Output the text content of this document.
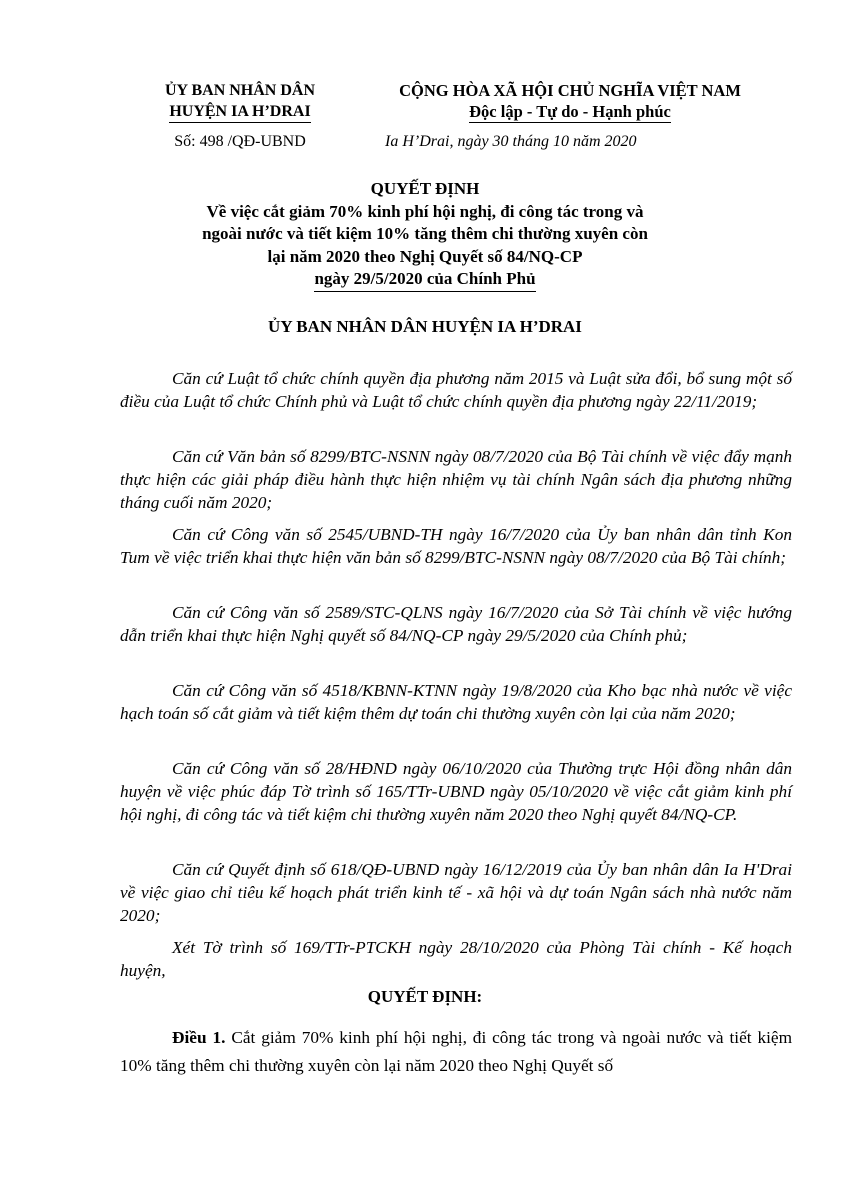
ỦY BAN NHÂN DÂN
HUYỆN IA H’DRAI
CỘNG HÒA XÃ HỘI CHỦ NGHĨA VIỆT NAM
Độc lập - Tự do - Hạnh phúc
Số: 498 /QĐ-UBND	Ia H’Drai, ngày 30 tháng 10 năm 2020
QUYẾT ĐỊNH
Về việc cắt giảm 70% kinh phí hội nghị, đi công tác trong và
ngoài nước và tiết kiệm 10% tăng thêm chi thường xuyên còn
lại năm 2020 theo Nghị Quyết số 84/NQ-CP
ngày 29/5/2020 của Chính Phủ
ỦY BAN NHÂN DÂN HUYỆN IA H’DRAI
Căn cứ Luật tổ chức chính quyền địa phương năm 2015 và Luật sửa đổi, bổ sung một số điều của Luật tổ chức Chính phủ và Luật tổ chức chính quyền địa phương ngày 22/11/2019;
Căn cứ Văn bản số 8299/BTC-NSNN ngày 08/7/2020 của Bộ Tài chính về việc đẩy mạnh thực hiện các giải pháp điều hành thực hiện nhiệm vụ tài chính Ngân sách địa phương những tháng cuối năm 2020;
Căn cứ Công văn số 2545/UBND-TH ngày 16/7/2020 của Ủy ban nhân dân tỉnh Kon Tum về việc triển khai thực hiện văn bản số 8299/BTC-NSNN ngày 08/7/2020 của Bộ Tài chính;
Căn cứ Công văn số 2589/STC-QLNS ngày 16/7/2020 của Sở Tài chính về việc hướng dẫn triển khai thực hiện Nghị quyết số 84/NQ-CP ngày 29/5/2020 của Chính phủ;
Căn cứ Công văn số 4518/KBNN-KTNN ngày 19/8/2020 của Kho bạc nhà nước về việc hạch toán số cắt giảm và tiết kiệm thêm dự toán chi thường xuyên còn lại của năm 2020;
Căn cứ Công văn số 28/HĐND ngày 06/10/2020 của Thường trực Hội đồng nhân dân huyện về việc phúc đáp Tờ trình số 165/TTr-UBND ngày 05/10/2020 về việc cắt giảm kinh phí hội nghị, đi công tác và tiết kiệm chi thường xuyên năm 2020 theo Nghị quyết 84/NQ-CP.
Căn cứ Quyết định số 618/QĐ-UBND ngày 16/12/2019 của Ủy ban nhân dân Ia H'Drai về việc giao chỉ tiêu kế hoạch phát triển kinh tế - xã hội và dự toán Ngân sách nhà nước năm 2020;
Xét Tờ trình số 169/TTr-PTCKH ngày 28/10/2020 của Phòng Tài chính - Kế hoạch huyện,
QUYẾT ĐỊNH:
Điều 1. Cắt giảm 70% kinh phí hội nghị, đi công tác trong và ngoài nước và tiết kiệm 10% tăng thêm chi thường xuyên còn lại năm 2020 theo Nghị Quyết số
